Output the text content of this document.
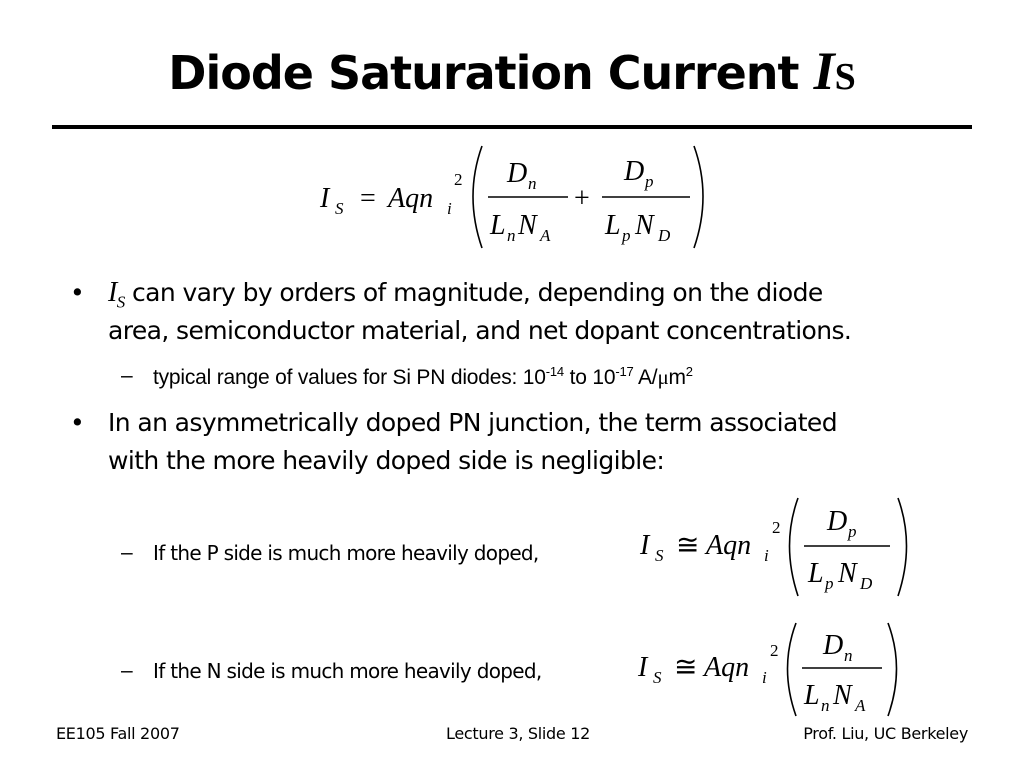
Diode Saturation Current IS
I S = Aqn i
2 D n
L n N A
+
D p
L p N D
• $I_S$ can vary by orders of magnitude, depending on the diode
area, semiconductor material, and net dopant concentrations.
– typical range of values for Si PN diodes: $10^{-14}$ to $10^{-17}$ $A/\mu m^2$
• In an asymmetrically doped PN junction, the term associated
with the more heavily doped side is negligible:
– If the P side is much more heavily doped,	I S ≅ Aqn i
2 D p
L p N D
– If the N side is much more heavily doped,	I S ≅ Aqn i
2 D n
L n N A
EE105 Fall 2007	Lecture 3, Slide 12	Prof. Liu, UC Berkeley
